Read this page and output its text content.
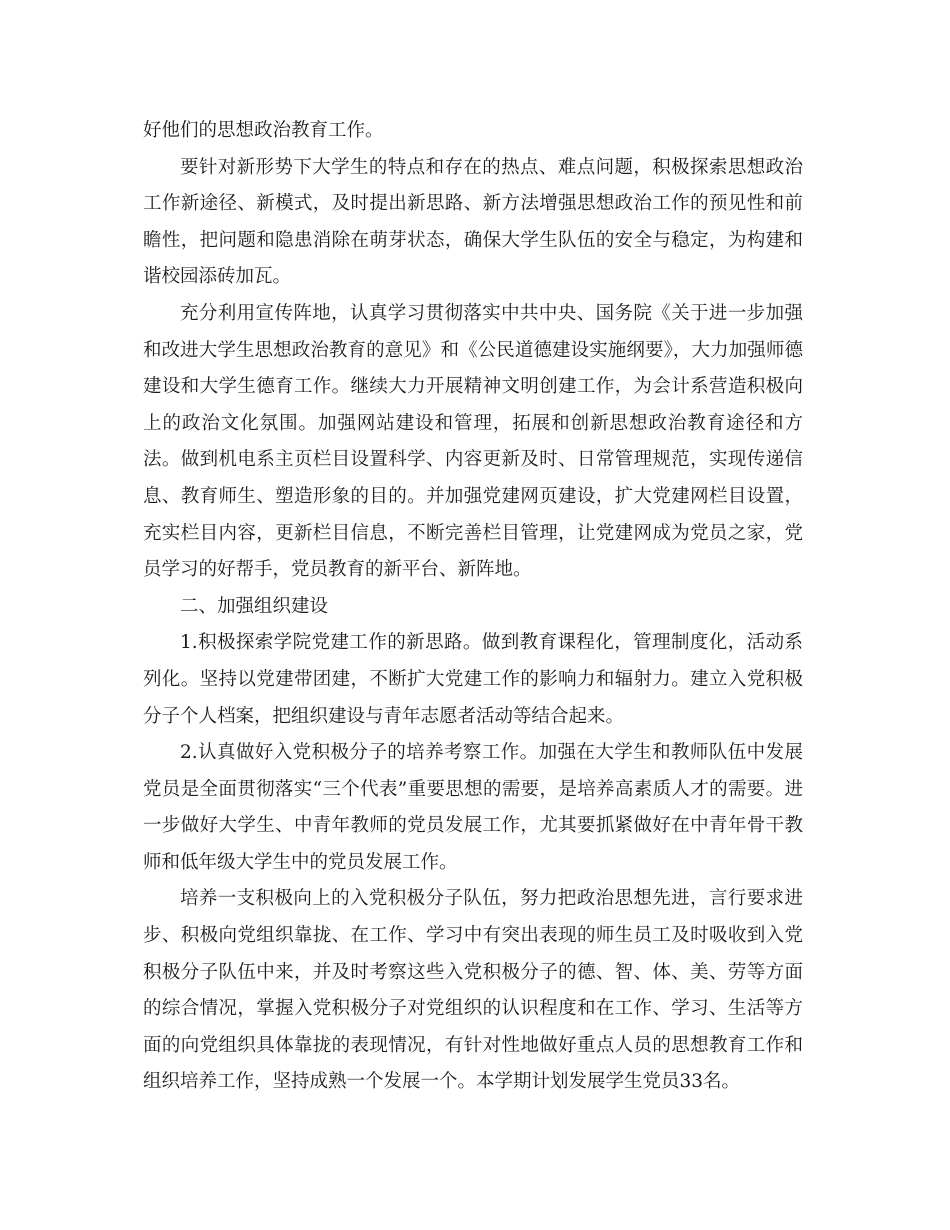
好他们的思想政治教育工作。

要针对新形势下大学生的特点和存在的热点、难点问题，积极探索思想政治工作新途径、新模式，及时提出新思路、新方法增强思想政治工作的预见性和前瞻性，把问题和隐患消除在萌芽状态，确保大学生队伍的安全与稳定，为构建和谐校园添砖加瓦。

充分利用宣传阵地，认真学习贯彻落实中共中央、国务院《关于进一步加强和改进大学生思想政治教育的意见》和《公民道德建设实施纲要》，大力加强师德建设和大学生德育工作。继续大力开展精神文明创建工作，为会计系营造积极向上的政治文化氛围。加强网站建设和管理，拓展和创新思想政治教育途径和方法。做到机电系主页栏目设置科学、内容更新及时、日常管理规范，实现传递信息、教育师生、塑造形象的目的。并加强党建网页建设，扩大党建网栏目设置，充实栏目内容，更新栏目信息，不断完善栏目管理，让党建网成为党员之家，党员学习的好帮手，党员教育的新平台、新阵地。

二、加强组织建设

1.积极探索学院党建工作的新思路。做到教育课程化，管理制度化，活动系列化。坚持以党建带团建，不断扩大党建工作的影响力和辐射力。建立入党积极分子个人档案，把组织建设与青年志愿者活动等结合起来。

2.认真做好入党积极分子的培养考察工作。加强在大学生和教师队伍中发展党员是全面贯彻落实“三个代表”重要思想的需要，是培养高素质人才的需要。进一步做好大学生、中青年教师的党员发展工作，尤其要抓紧做好在中青年骨干教师和低年级大学生中的党员发展工作。

培养一支积极向上的入党积极分子队伍，努力把政治思想先进，言行要求进步、积极向党组织靠拢、在工作、学习中有突出表现的师生员工及时吸收到入党积极分子队伍中来，并及时考察这些入党积极分子的德、智、体、美、劳等方面的综合情况，掌握入党积极分子对党组织的认识程度和在工作、学习、生活等方面的向党组织具体靠拢的表现情况，有针对性地做好重点人员的思想教育工作和组织培养工作，坚持成熟一个发展一个。本学期计划发展学生党员33名。
